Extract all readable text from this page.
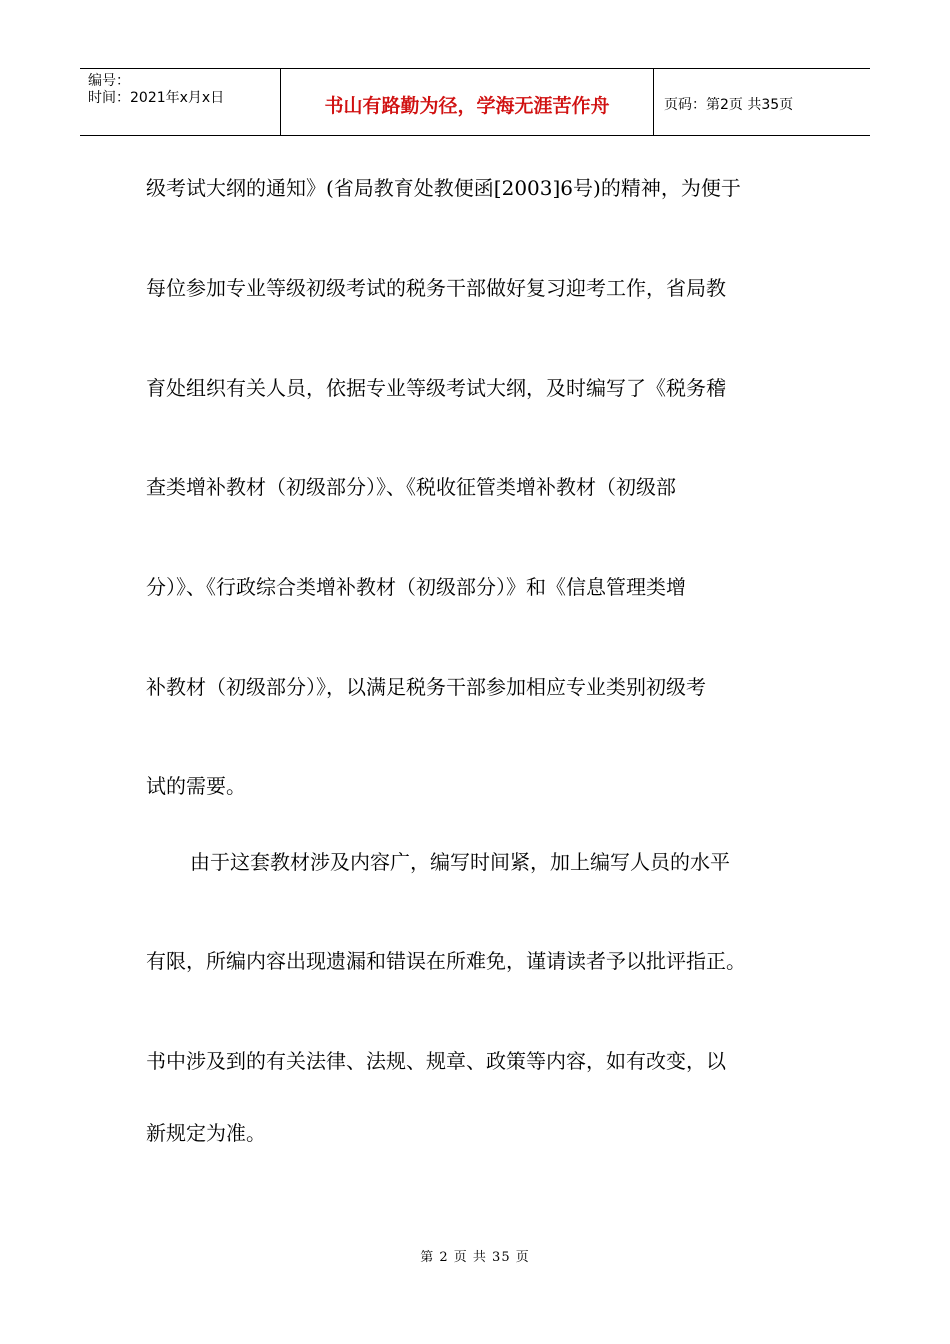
编号：
时间：2021年x月x日	书山有路勤为径，学海无涯苦作舟	页码：第2页 共35页
级考试大纲的通知》(省局教育处教便函[2003]6号)的精神，为便于
每位参加专业等级初级考试的税务干部做好复习迎考工作，省局教
育处组织有关人员，依据专业等级考试大纲，及时编写了《税务稽
查类增补教材（初级部分）》、《税收征管类增补教材（初级部
分）》、《行政综合类增补教材（初级部分）》和《信息管理类增
补教材（初级部分）》，以满足税务干部参加相应专业类别初级考
试的需要。
由于这套教材涉及内容广，编写时间紧，加上编写人员的水平
有限，所编内容出现遗漏和错误在所难免，谨请读者予以批评指正。
书中涉及到的有关法律、法规、规章、政策等内容，如有改变，以
新规定为准。
第 2 页 共 35 页
